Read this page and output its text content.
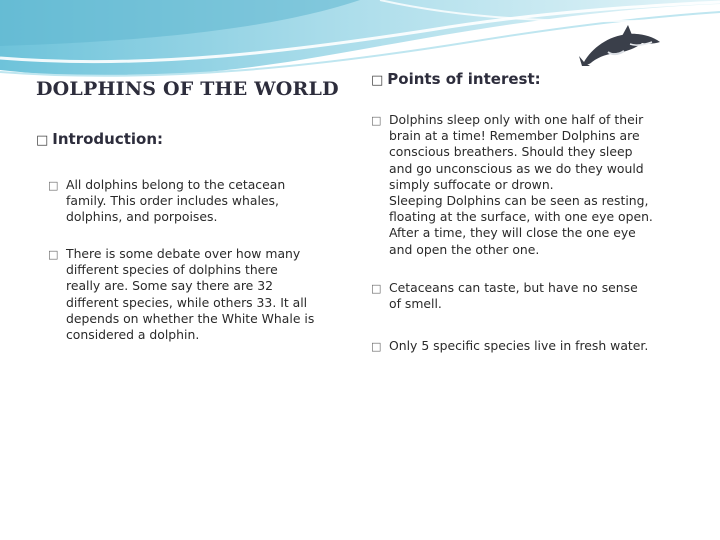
DOLPHINS OF THE WORLD
□ Introduction:
□ All dolphins belong to the cetacean
family. This order includes whales,
dolphins, and porpoises.
□ There is some debate over how many
different species of dolphins there
really are. Some say there are 32
different species, while others 33. It all
depends on whether the White Whale is
considered a dolphin.
□ Points of interest:
□ Dolphins sleep only with one half of their
brain at a time! Remember Dolphins are
conscious breathers. Should they sleep
and go unconscious as we do they would
simply suffocate or drown.
Sleeping Dolphins can be seen as resting,
floating at the surface, with one eye open.
After a time, they will close the one eye
and open the other one.
□ Cetaceans can taste, but have no sense
of smell.
□ Only 5 specific species live in fresh water.
